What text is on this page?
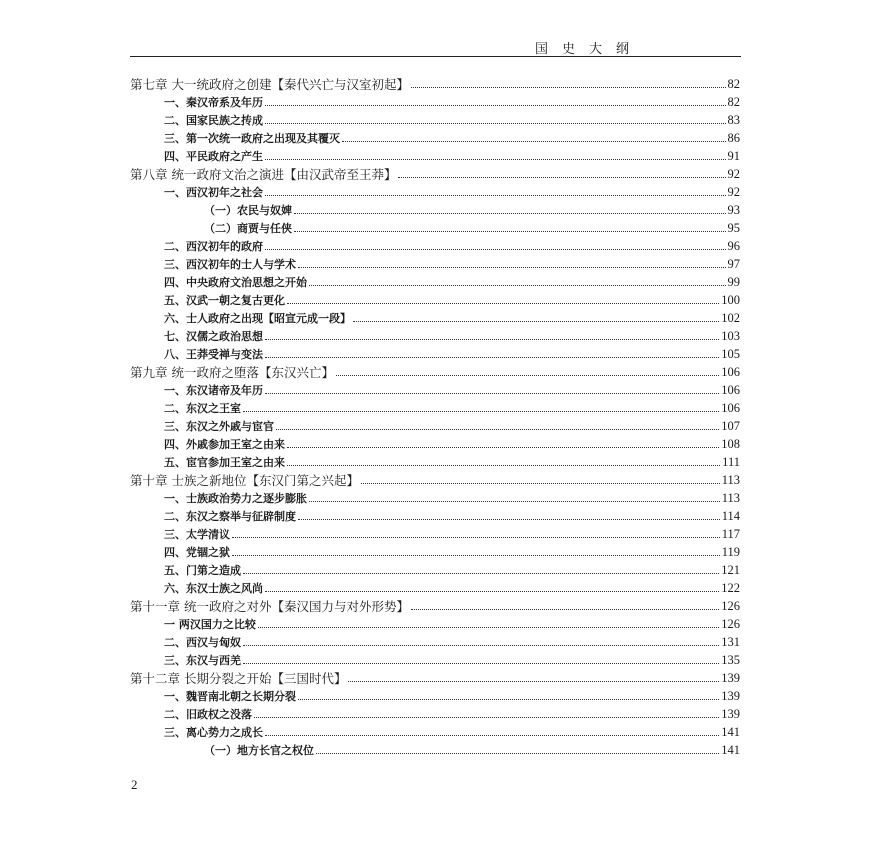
国史大纲
第七章 大一统政府之创建【秦代兴亡与汉室初起】	82
一、秦汉帝系及年历	82
二、国家民族之抟成	83
三、第一次统一政府之出现及其覆灭	86
四、平民政府之产生	91
第八章 统一政府文治之演进【由汉武帝至王莽】	92
一、西汉初年之社会	92
（一）农民与奴婢	93
（二）商贾与任侠	95
二、西汉初年的政府	96
三、西汉初年的士人与学术	97
四、中央政府文治思想之开始	99
五、汉武一朝之复古更化	100
六、士人政府之出现【昭宣元成一段】	102
七、汉儒之政治思想	103
八、王莽受禅与变法	105
第九章 统一政府之堕落【东汉兴亡】	106
一、东汉诸帝及年历	106
二、东汉之王室	106
三、东汉之外戚与宦官	107
四、外戚参加王室之由来	108
五、宦官参加王室之由来	111
第十章 士族之新地位【东汉门第之兴起】	113
一、士族政治势力之逐步膨胀	113
二、东汉之察举与征辟制度	114
三、太学清议	117
四、党锢之狱	119
五、门第之造成	121
六、东汉士族之风尚	122
第十一章 统一政府之对外【秦汉国力与对外形势】	126
一 两汉国力之比较	126
二、西汉与匈奴	131
三、东汉与西羌	135
第十二章 长期分裂之开始【三国时代】	139
一、魏晋南北朝之长期分裂	139
二、旧政权之没落	139
三、离心势力之成长	141
（一）地方长官之权位	141
2
